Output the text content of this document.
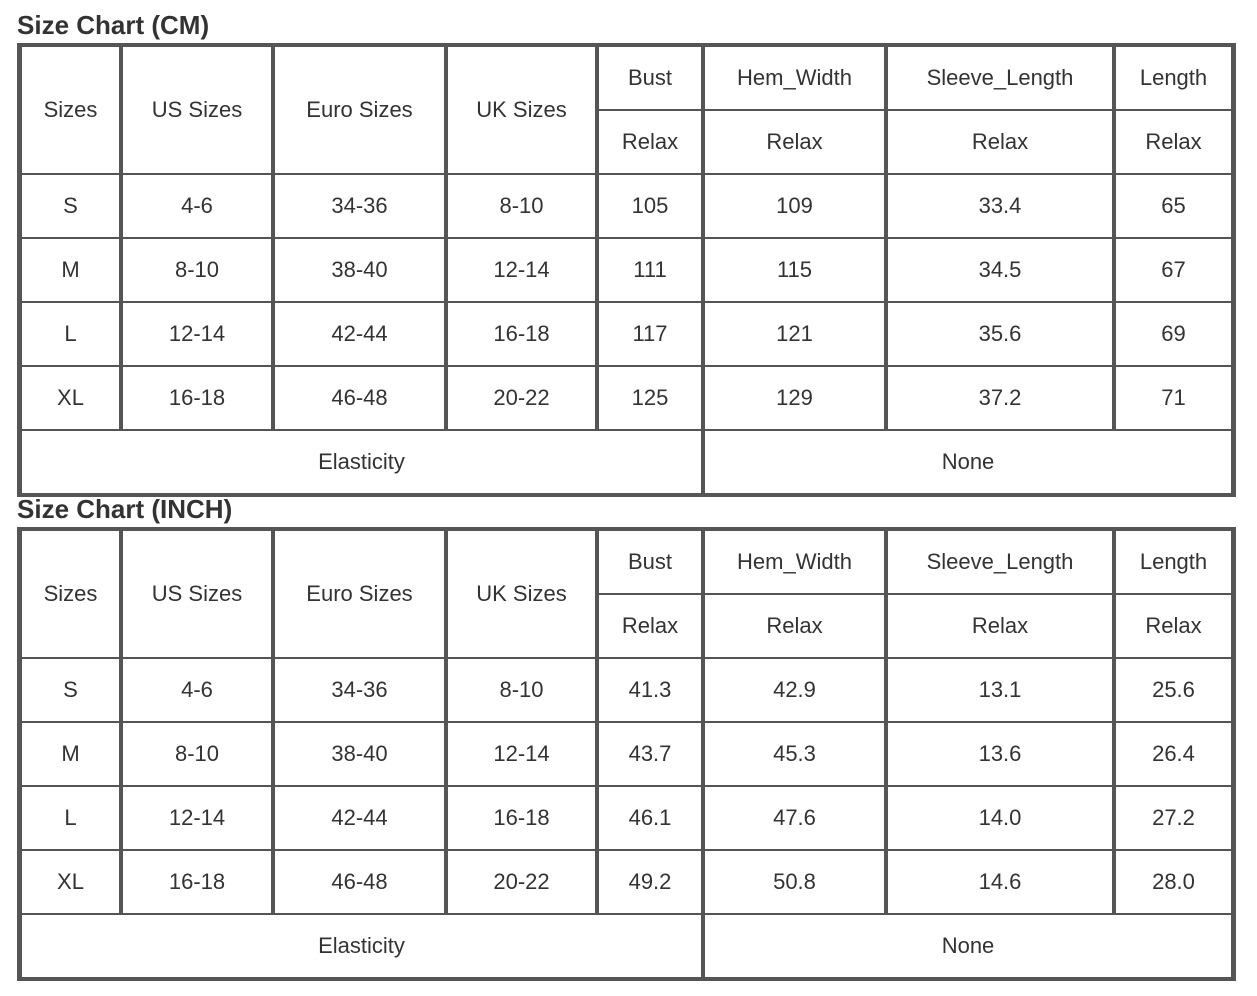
Size Chart (CM)
Sizes	US Sizes	Euro Sizes	UK Sizes	Bust	Hem_Width	Sleeve_Length	Length
				Relax	Relax	Relax	Relax
S	4-6	34-36	8-10	105	109	33.4	65
M	8-10	38-40	12-14	111	115	34.5	67
L	12-14	42-44	16-18	117	121	35.6	69
XL	16-18	46-48	20-22	125	129	37.2	71
Elasticity					None		
Size Chart (INCH)
Sizes	US Sizes	Euro Sizes	UK Sizes	Bust	Hem_Width	Sleeve_Length	Length
				Relax	Relax	Relax	Relax
S	4-6	34-36	8-10	41.3	42.9	13.1	25.6
M	8-10	38-40	12-14	43.7	45.3	13.6	26.4
L	12-14	42-44	16-18	46.1	47.6	14.0	27.2
XL	16-18	46-48	20-22	49.2	50.8	14.6	28.0
Elasticity					None		
